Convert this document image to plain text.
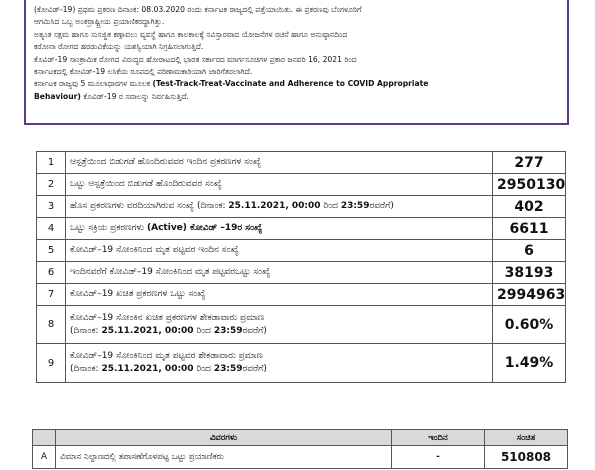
(ಕೋವಿಡ್-19) ಪ್ರಥಮ ಪ್ರಕರಣ ದಿನಾಂಕ: 08.03.2020 ರಂದು ಕರ್ನಾಟಕ ರಾಜ್ಯದಲ್ಲಿ ಪತ್ತೆಯಾಯಿತು. ಈ ಪ್ರಕರಣವು ಬೆಂಗಳೂರಿಗೆ

ಆಗಮಿಸಿದ ಒಬ್ಬ ಅಂತರ್ರಾಷ್ಟ್ರೀಯ ಪ್ರಯಾಣಿಕರದ್ದಾಗಿತ್ತು.

ಅತ್ಯಂತ ಸಕ್ಷಮ ಹಾಗೂ ಸುಸಜ್ಜಿತ ಕಣ್ಗಾವಲು ವ್ಯವಸ್ಥೆ ಹಾಗೂ ಕಾಲಕಾಲಕ್ಕೆ ಸವಿಸ್ತಾರವಾದ ಯೋಜನೆಗಳ ರಚನೆ ಹಾಗೂ ಅನುಷ್ಠಾನದಿಂದ

ಕರೋನಾ ರೋಗದ ಹರಡುವಿಕೆಯನ್ನು ಯಶಸ್ವಿಯಾಗಿ ನಿಗ್ರಹಿಸಲಾಗುತ್ತಿದೆ.

ಕೊವಿಡ್-19 ಸಾಂಕ್ರಾಮಿಕ ರೋಗದ ವಿರುದ್ಧದ ಹೋರಾಟದಲ್ಲಿ ಭಾರತ ಸರ್ಕಾರದ ಮಾರ್ಗಸೂಚಿಗಳ ಪ್ರಕಾರ ಜನವರಿ 16, 2021 ರಿಂದ

ಕರ್ನಾಟಕದಲ್ಲಿ ಕೋವಿಡ್-19 ಲಸಿಕೆಯ ರೂಪದಲ್ಲಿ ಪರಿಣಾಮಕಾರಿಯಾಗಿ ಜಾರಿಗೆತರಲಾಗಿದೆ.

ಕರ್ನಾಟಕ ರಾಜ್ಯವು 5 ಮೂಲಾಧಾರಗಳ ಮೂಲಕ (Test-Track-Treat-Vaccinate and Adherence to COVID Appropriate

Behaviour) ಕೊವಿಡ್-19 ರ ಸವಾಲನ್ನು ನಿರ್ವಹಿಸುತ್ತಿದೆ.

1	ಆಸ್ಪತ್ರೆಯಿಂದ ಬಿಡುಗಡೆ ಹೊಂದಿರುವವರ ಇಂದಿನ ಪ್ರಕರಣಗಳ ಸಂಖ್ಯೆ	277
2	ಒಟ್ಟು ಆಸ್ಪತ್ರೆಯಿಂದ ಬಿಡುಗಡೆ ಹೊಂದಿರುವವರ ಸಂಖ್ಯೆ	2950130
3	ಹೊಸ ಪ್ರಕರಣಗಳು ವರದಿಯಾಗಿರುವ ಸಂಖ್ಯೆ (ದಿನಾಂಕ: 25.11.2021, 00:00 ರಿಂದ 23:59ರವರೆಗೆ)	402
4	ಒಟ್ಟು ಸಕ್ರಿಯ ಪ್ರಕರಣಗಳು (Active) ಕೋವಿಡ್ –19ರ ಸಂಖ್ಯೆ	6611
5	ಕೋವಿಡ್–19 ಸೋಂಕಿನಿಂದ ಮೃತ ಪಟ್ಟವರ ಇಂದಿನ ಸಂಖ್ಯೆ	6
6	ಇಂದಿನವರೆಗೆ ಕೋವಿಡ್–19 ಸೋಂಕಿನಿಂದ ಮೃತ ಪಟ್ಟವರಒಟ್ಟು ಸಂಖ್ಯೆ	38193
7	ಕೋವಿಡ್–19 ಖಚಿತ ಪ್ರಕರಣಗಳ ಒಟ್ಟು ಸಂಖ್ಯೆ	2994963
8	ಕೋವಿಡ್–19 ಸೋಂಕಿನ ಖಚಿತ ಪ್ರಕರಣಗಳ ಶೇಕಡಾವಾರು ಪ್ರಮಾಣ
(ದಿನಾಂಕ: 25.11.2021, 00:00 ರಿಂದ 23:59ರವರೆಗೆ)	0.60%
9	ಕೋವಿಡ್–19 ಸೋಂಕಿನಿಂದ ಮೃತ ಪಟ್ಟವರ ಶೇಕಡಾವಾರು ಪ್ರಮಾಣ
(ದಿನಾಂಕ: 25.11.2021, 00:00 ರಿಂದ 23:59ರವರೆಗೆ)	1.49%
	ವಿವರಗಳು	ಇಂದಿನ	ಸಂಚಿತ
A	ವಿಮಾನ ನಿಲ್ದಾಣದಲ್ಲಿ ತಪಾಸಣೆಗೊಳಪಟ್ಟ ಒಟ್ಟು ಪ್ರಯಾಣಿಕರು	-	510808
